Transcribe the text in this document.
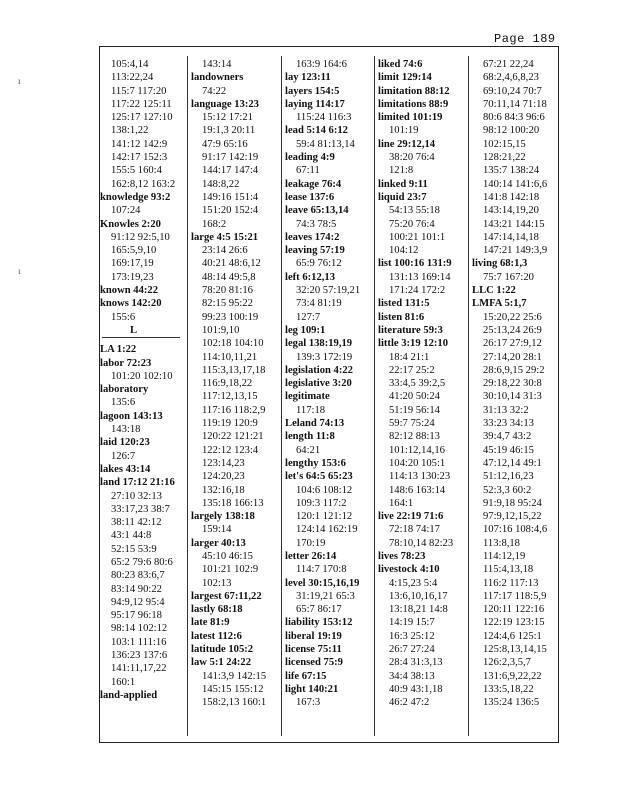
Page 189
105:4,14
113:22,24
115:7 117:20
117:22 125:11
125:17 127:10
138:1,22
141:12 142:9
142:17 152:3
155:5 160:4
162:8,12 163:2
knowledge 93:2
107:24
Knowles 2:20
91:12 92:5,10
165:5,9,10
169:17,19
173:19,23
known 44:22
knows 142:20
155:6
L
LA 1:22
labor 72:23
101:20 102:10
laboratory
135:6
lagoon 143:13
143:18
laid 120:23
126:7
lakes 43:14
land 17:12 21:16
27:10 32:13
33:17,23 38:7
38:11 42:12
43:1 44:8
52:15 53:9
65:2 79:6 80:6
80:23 83:6,7
83:14 90:22
94:9,12 95:4
95:17 96:18
98:14 102:12
103:1 111:16
136:23 137:6
141:11,17,22
160:1
land-applied
143:14
landowners
74:22
language 13:23
15:12 17:21
19:1,3 20:11
47:9 65:16
91:17 142:19
144:17 147:4
148:8,22
149:16 151:4
151:20 152:4
168:2
large 4:5 15:21
23:14 26:6
40:21 48:6,12
48:14 49:5,8
78:20 81:16
82:15 95:22
99:23 100:19
101:9,10
102:18 104:10
114:10,11,21
115:3,13,17,18
116:9,18,22
117:12,13,15
117:16 118:2,9
119:19 120:9
120:22 121:21
122:12 123:4
123:14,23
124:20,23
132:16,18
135:18 166:13
largely 138:18
159:14
larger 40:13
45:10 46:15
101:21 102:9
102:13
largest 67:11,22
lastly 68:18
late 81:9
latest 112:6
latitude 105:2
law 5:1 24:22
141:3,9 142:15
145:15 155:12
158:2,13 160:1
163:9 164:6
lay 123:11
layers 154:5
laying 114:17
115:24 116:3
lead 5:14 6:12
59:4 81:13,14
leading 4:9
67:11
leakage 76:4
lease 137:6
leave 65:13,14
74:3 78:5
leaves 174:2
leaving 57:19
65:9 76:12
left 6:12,13
32:20 57:19,21
73:4 81:19
127:7
leg 109:1
legal 138:19,19
139:3 172:19
legislation 4:22
legislative 3:20
legitimate
117:18
Leland 74:13
length 11:8
64:21
lengthy 153:6
let's 64:5 65:23
104:6 108:12
109:3 117:2
120:1 121:12
124:14 162:19
170:19
letter 26:14
114:7 170:8
level 30:15,16,19
31:19,21 65:3
65:7 86:17
liability 153:12
liberal 19:19
license 75:11
licensed 75:9
life 67:15
light 140:21
167:3
liked 74:6
limit 129:14
limitation 88:12
limitations 88:9
limited 101:19
101:19
line 29:12,14
38:20 76:4
121:8
linked 9:11
liquid 23:7
54:13 55:18
75:20 76:4
100:21 101:1
104:12
list 100:16 131:9
131:13 169:14
171:24 172:2
listed 131:5
listen 81:6
literature 59:3
little 3:19 12:10
18:4 21:1
22:17 25:2
33:4,5 39:2,5
41:20 50:24
51:19 56:14
59:7 75:24
82:12 88:13
101:12,14,16
104:20 105:1
114:13 130:23
148:6 163:14
164:1
live 22:19 71:6
72:18 74:17
78:10,14 82:23
lives 78:23
livestock 4:10
4:15,23 5:4
13:6,10,16,17
13:18,21 14:8
14:19 15:7
16:3 25:12
26:7 27:24
28:4 31:3,13
34:4 38:13
40:9 43:1,18
46:2 47:2
67:21 22,24
68:2,4,6,8,23
69:10,24 70:7
70:11,14 71:18
80:6 84:3 96:6
98:12 100:20
102:15,15
128:21,22
135:7 138:24
140:14 141:6,6
141:8 142:18
143:14,19,20
143:21 144:15
147:14,14,18
147:21 149:3,9
living 68:1,3
75:7 167:20
LLC 1:22
LMFA 5:1,7
15:20,22 25:6
25:13,24 26:9
26:17 27:9,12
27:14,20 28:1
28:6,9,15 29:2
29:18,22 30:8
30:10,14 31:3
31:13 32:2
33:23 34:13
39:4,7 43:2
45:19 46:15
47:12,14 49:1
51:12,16,23
52:3,3 60:2
91:9,18 95:24
97:9,12,15,22
107:16 108:4,6
113:8,18
114:12,19
115:4,13,18
116:2 117:13
117:17 118:5,9
120:11 122:16
122:19 123:15
124:4,6 125:1
125:8,13,14,15
126:2,3,5,7
131:6,9,22,22
133:5,18,22
135:24 136:5
ı
ı
